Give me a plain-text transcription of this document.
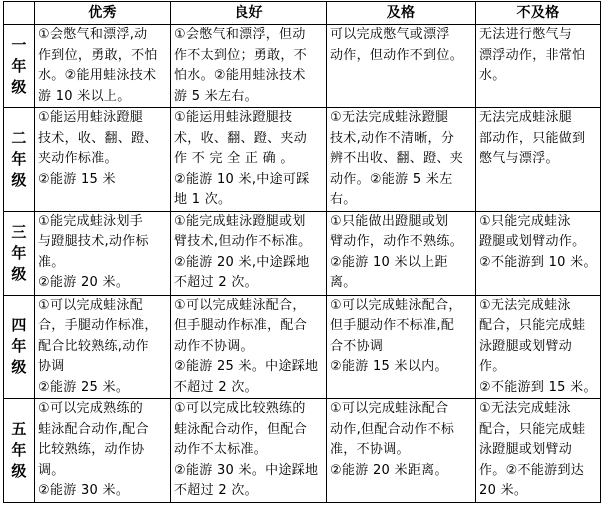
	优秀	良好	及格	不及格
一
年
级	①会憋气和漂浮,动
作到位，勇敢，不怕
水。②能用蛙泳技术
游 10 米以上。	①会憋气和漂浮，但动
作不太到位；勇敢，不
怕水。②能用蛙泳技术
游 5 米左右。	可以完成憋气或漂浮
动作，但动作不到位。	无法进行憋气与
漂浮动作，非常怕
水。
二
年
级	①能运用蛙泳蹬腿
技术，收、翻、蹬、
夹动作标准。
②能游 15 米	①能运用蛙泳蹬腿技
术，收、翻、蹬、夹动
作 不 完 全 正 确 。
②能游 10 米,中途可踩
地 1 次。	①无法完成蛙泳蹬腿
技术,动作不清晰，分
辨不出收、翻、蹬、夹
动作。②能游 5 米左
右。	无法完成蛙泳腿
部动作，只能做到
憋气与漂浮。
三
年
级	①能完成蛙泳划手
与蹬腿技术,动作标
准。
②能游 20 米。	①能完成蛙泳蹬腿或划
臂技术,但动作不标准。
②能游 20 米,中途踩地
不超过 2 次。	①只能做出蹬腿或划
臂动作，动作不熟练。
②能游 10 米以上距
离。	①只能完成蛙泳
蹬腿或划臂动作。
②不能游到 10 米。
四
年
级	①可以完成蛙泳配
合，手腿动作标准，
配合比较熟练,动作
协调
②能游 25 米。	①可以完成蛙泳配合，
但手腿动作标准，配合
动作不协调。
②能游 25 米。中途踩地
不超过 2 次。	①可以完成蛙泳配合，
但手腿动作不标准,配
合不协调
②能游 15 米以内。	①无法完成蛙泳
配合，只能完成蛙
泳蹬腿或划臂动
作。
②不能游到 15 米。
五
年
级	①可以完成熟练的
蛙泳配合动作,配合
比较熟练，动作协
调。
②能游 30 米。	①可以完成比较熟练的
蛙泳配合动作，但配合
动作不太标准。
②能游 30 米。中途踩地
不超过 2 次。	①可以完成蛙泳配合
动作,但配合动作不标
准，不协调。
②能游 20 米距离。	①无法完成蛙泳
配合，只能完成蛙
泳蹬腿或划臂动
作。②不能游到达
20 米。
